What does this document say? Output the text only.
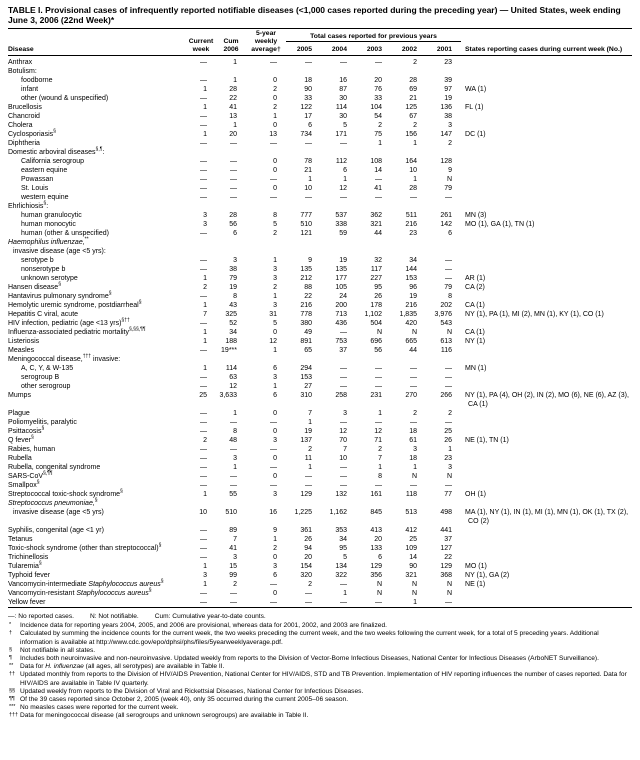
TABLE I. Provisional cases of infrequently reported notifiable diseases (<1,000 cases reported during the preceding year) — United States, week ending June 3, 2006 (22nd Week)*
Disease	Current week	Cum 2006	5-year weekly average†	Total cases reported for previous years					States reporting cases during current week (No.)
				2005	2004	2003	2002	2001	
Anthrax	—	1	—	—	—	—	2	23	
Botulism:									
foodborne	—	1	0	18	16	20	28	39	
infant	1	28	2	90	87	76	69	97	WA (1)
other (wound & unspecified)	—	22	0	33	30	33	21	19	
Brucellosis	1	41	2	122	114	104	125	136	FL (1)
Chancroid	—	13	1	17	30	54	67	38	
Cholera	—	1	0	6	5	2	2	3	
Cyclosporiasis§	1	20	13	734	171	75	156	147	DC (1)
Diphtheria	—	—	—	—	—	1	1	2	
Domestic arboviral diseases§,¶:									
California serogroup	—	—	0	78	112	108	164	128	
eastern equine	—	—	0	21	6	14	10	9	
Powassan	—	—	—	1	1	—	1	N	
St. Louis	—	—	0	10	12	41	28	79	
western equine	—	—	—	—	—	—	—	—	
Ehrlichiosis§:									
human granulocytic	3	28	8	777	537	362	511	261	MN (3)
human monocytic	3	56	5	510	338	321	216	142	MO (1), GA (1), TN (1)
human (other & unspecified)	—	6	2	121	59	44	23	6	
Haemophilus influenzae,**									
invasive disease (age <5 yrs):									
serotype b	—	3	1	9	19	32	34	—	
nonserotype b	—	38	3	135	135	117	144	—	
unknown serotype	1	79	3	212	177	227	153	—	AR (1)
Hansen disease§	2	19	2	88	105	95	96	79	CA (2)
Hantavirus pulmonary syndrome§	—	8	1	22	24	26	19	8	
Hemolytic uremic syndrome, postdiarrheal§	1	43	3	216	200	178	216	202	CA (1)
Hepatitis C viral, acute	7	325	31	778	713	1,102	1,835	3,976	NY (1), PA (1), MI (2), MN (1), KY (1), CO (1)
HIV infection, pediatric (age <13 yrs)§††	—	52	5	380	436	504	420	543	
Influenza-associated pediatric mortality§,§§,¶¶	1	34	0	49	—	N	N	N	CA (1)
Listeriosis	1	188	12	891	753	696	665	613	NY (1)
Measles	—	19***	1	65	37	56	44	116	
Meningococcal disease,††† invasive:									
A, C, Y, & W-135	1	114	6	294	—	—	—	—	MN (1)
serogroup B	—	63	3	153	—	—	—	—	
other serogroup	—	12	1	27	—	—	—	—	
Mumps	25	3,633	6	310	258	231	270	266	NY (1), PA (4), OH (2), IN (2), MO (6), NE (6), AZ (3), CA (1)
Plague	—	1	0	7	3	1	2	2	
Poliomyelitis, paralytic	—	—	—	1	—	—	—	—	
Psittacosis§	—	8	0	19	12	12	18	25	
Q fever§	2	48	3	137	70	71	61	26	NE (1), TN (1)
Rabies, human	—	—	—	2	7	2	3	1	
Rubella	—	3	0	11	10	7	18	23	
Rubella, congenital syndrome	—	1	—	1	—	1	1	3	
SARS-CoV§,¶¶	—	—	0	—	—	8	N	N	
Smallpox§	—	—	—	—	—	—	—	—	
Streptococcal toxic-shock syndrome§	1	55	3	129	132	161	118	77	OH (1)
Streptococcus pneumoniae,§									
invasive disease (age <5 yrs)	10	510	16	1,225	1,162	845	513	498	MA (1), NY (1), IN (1), MI (1), MN (1), OK (1), TX (2), CO (2)
Syphilis, congenital (age <1 yr)	—	89	9	361	353	413	412	441	
Tetanus	—	7	1	26	34	20	25	37	
Toxic-shock syndrome (other than streptococcal)§	—	41	2	94	95	133	109	127	
Trichinellosis	—	3	0	20	5	6	14	22	
Tularemia§	1	15	3	154	134	129	90	129	MO (1)
Typhoid fever	3	99	6	320	322	356	321	368	NY (1), GA (2)
Vancomycin-intermediate Staphylococcus aureus§	1	2	—	2	—	N	N	N	NE (1)
Vancomycin-resistant Staphylococcus aureus§	—	—	0	—	1	N	N	N	
Yellow fever	—	—	—	—	—	—	1	—	
—: No reported cases. N: Not notifiable. Cum: Cumulative year-to-date counts.
* Incidence data for reporting years 2004, 2005, and 2006 are provisional, whereas data for 2001, 2002, and 2003 are finalized.
† Calculated by summing the incidence counts for the current week, the two weeks preceding the current week, and the two weeks following the current week, for a total of 5 preceding years. Additional information is available at http://www.cdc.gov/epo/dphsi/phs/files/5yearweeklyaverage.pdf.
§ Not notifiable in all states.
¶ Includes both neuroinvasive and non-neuroinvasive. Updated weekly from reports to the Division of Vector-Borne Infectious Diseases, National Center for Infectious Diseases (ArboNET Surveillance).
** Data for H. influenzae (all ages, all serotypes) are available in Table II.
†† Updated monthly from reports to the Division of HIV/AIDS Prevention, National Center for HIV/AIDS, STD and TB Prevention. Implementation of HIV reporting influences the number of cases reported. Data for HIV/AIDS are available in Table IV quarterly.
§§ Updated weekly from reports to the Division of Viral and Rickettsial Diseases, National Center for Infectious Diseases.
¶¶ Of the 39 cases reported since October 2, 2005 (week 40), only 35 occurred during the current 2005–06 season.
*** No measles cases were reported for the current week.
††† Data for meningococcal disease (all serogroups and unknown serogroups) are available in Table II.
